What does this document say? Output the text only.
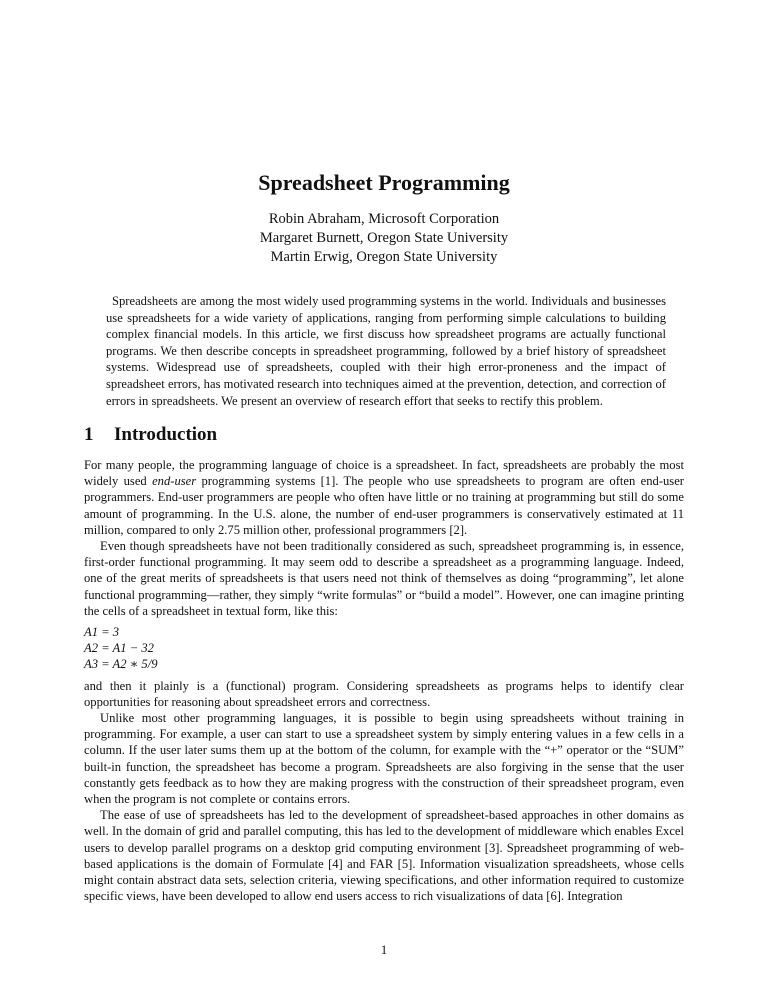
Spreadsheet Programming
Robin Abraham, Microsoft Corporation
Margaret Burnett, Oregon State University
Martin Erwig, Oregon State University
Spreadsheets are among the most widely used programming systems in the world. Individuals and businesses use spreadsheets for a wide variety of applications, ranging from performing simple calculations to building complex financial models. In this article, we first discuss how spreadsheet programs are actually functional programs. We then describe concepts in spreadsheet programming, followed by a brief history of spreadsheet systems. Widespread use of spreadsheets, coupled with their high error-proneness and the impact of spreadsheet errors, has motivated research into techniques aimed at the prevention, detection, and correction of errors in spreadsheets. We present an overview of research effort that seeks to rectify this problem.
1 Introduction

For many people, the programming language of choice is a spreadsheet. In fact, spreadsheets are probably the most widely used end-user programming systems [1]. The people who use spreadsheets to program are often end-user programmers. End-user programmers are people who often have little or no training at programming but still do some amount of programming. In the U.S. alone, the number of end-user programmers is conservatively estimated at 11 million, compared to only 2.75 million other, professional programmers [2].

Even though spreadsheets have not been traditionally considered as such, spreadsheet programming is, in essence, first-order functional programming. It may seem odd to describe a spreadsheet as a programming language. Indeed, one of the great merits of spreadsheets is that users need not think of themselves as doing “programming”, let alone functional programming—rather, they simply “write formulas” or “build a model”. However, one can imagine printing the cells of a spreadsheet in textual form, like this:

A1 = 3
A2 = A1 − 32
A3 = A2 ∗ 5/9

and then it plainly is a (functional) program. Considering spreadsheets as programs helps to identify clear opportunities for reasoning about spreadsheet errors and correctness.

Unlike most other programming languages, it is possible to begin using spreadsheets without training in programming. For example, a user can start to use a spreadsheet system by simply entering values in a few cells in a column. If the user later sums them up at the bottom of the column, for example with the “+” operator or the “SUM” built-in function, the spreadsheet has become a program. Spreadsheets are also forgiving in the sense that the user constantly gets feedback as to how they are making progress with the construction of their spreadsheet program, even when the program is not complete or contains errors.

The ease of use of spreadsheets has led to the development of spreadsheet-based approaches in other domains as well. In the domain of grid and parallel computing, this has led to the development of middleware which enables Excel users to develop parallel programs on a desktop grid computing environment [3]. Spreadsheet programming of web-based applications is the domain of Formulate [4] and FAR [5]. Information visualization spreadsheets, whose cells might contain abstract data sets, selection criteria, viewing specifications, and other information required to customize specific views, have been developed to allow end users access to rich visualizations of data [6]. Integration

1
